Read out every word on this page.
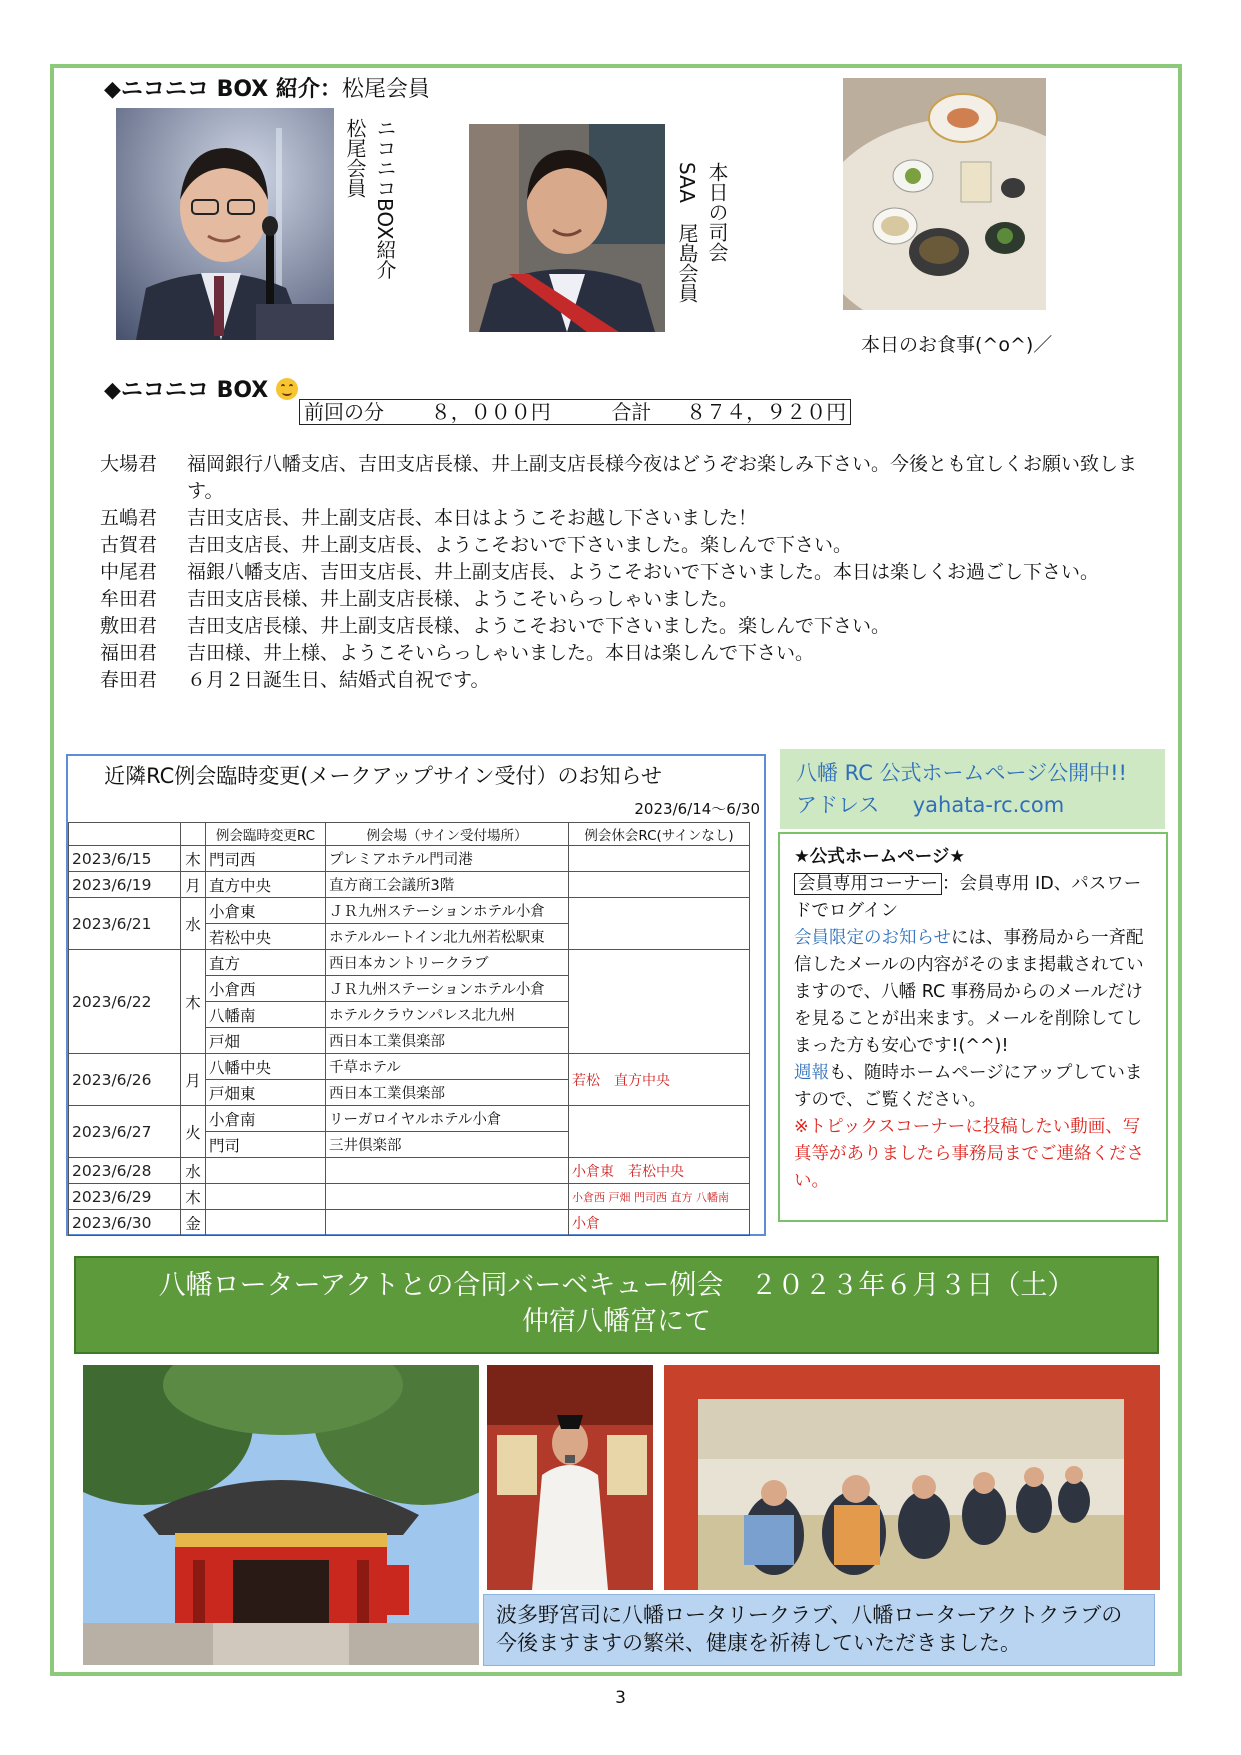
◆ニコニコ BOX 紹介：松尾会員
ニコニコBOX紹介
松尾会員
本日の司会
SAA　尾島会員
本日のお食事(^o^)／
◆ニコニコ BOX
前回の分 ８，０００円	合計 ８７４，９２０円
大場君	福岡銀行八幡支店、吉田支店長様、井上副支店長様今夜はどうぞお楽しみ下さい。今後とも宜しくお願い致します。
五嶋君	吉田支店長、井上副支店長、本日はようこそお越し下さいました！
古賀君	吉田支店長、井上副支店長、ようこそおいで下さいました。楽しんで下さい。
中尾君	福銀八幡支店、吉田支店長、井上副支店長、ようこそおいで下さいました。本日は楽しくお過ごし下さい。
牟田君	吉田支店長様、井上副支店長様、ようこそいらっしゃいました。
敷田君	吉田支店長様、井上副支店長様、ようこそおいで下さいました。楽しんで下さい。
福田君	吉田様、井上様、ようこそいらっしゃいました。本日は楽しんで下さい。
春田君	６月２日誕生日、結婚式自祝です。
近隣RC例会臨時変更(メークアップサイン受付）のお知らせ
2023/6/14～6/30
		例会臨時変更RC	例会場（サイン受付場所）	例会休会RC(サインなし)
2023/6/15	木	門司西	プレミアホテル門司港	
2023/6/19	月	直方中央	直方商工会議所3階	
2023/6/21	水	小倉東	ＪＲ九州ステーションホテル小倉	
		若松中央	ホテルルートイン北九州若松駅東	
2023/6/22	木	直方	西日本カントリークラブ	
		小倉西	ＪＲ九州ステーションホテル小倉	
		八幡南	ホテルクラウンパレス北九州	
		戸畑	西日本工業倶楽部	
2023/6/26	月	八幡中央	千草ホテル	若松　直方中央
		戸畑東	西日本工業倶楽部	
2023/6/27	火	小倉南	リーガロイヤルホテル小倉	
		門司	三井倶楽部	
2023/6/28	水			小倉東　若松中央
2023/6/29	木			小倉西 戸畑 門司西 直方 八幡南
2023/6/30	金			小倉
八幡 RC 公式ホームページ公開中!!
アドレス yahata-rc.com
★公式ホームページ★
会員専用コーナー ：会員専用 ID、パスワードでログイン
会員限定のお知らせには、事務局から一斉配信したメールの内容がそのまま掲載されていますので、八幡 RC 事務局からのメールだけを見ることが出来ます。メールを削除してしまった方も安心です!(^^)!
週報も、随時ホームページにアップしていますので、ご覧ください。
※トピックスコーナーに投稿したい動画、写真等がありましたら事務局までご連絡ください。
八幡ローターアクトとの合同バーベキュー例会　２０２３年６月３日（土）
仲宿八幡宮にて
波多野宮司に八幡ロータリークラブ、八幡ローターアクトクラブの今後ますますの繁栄、健康を祈祷していただきました。
3
